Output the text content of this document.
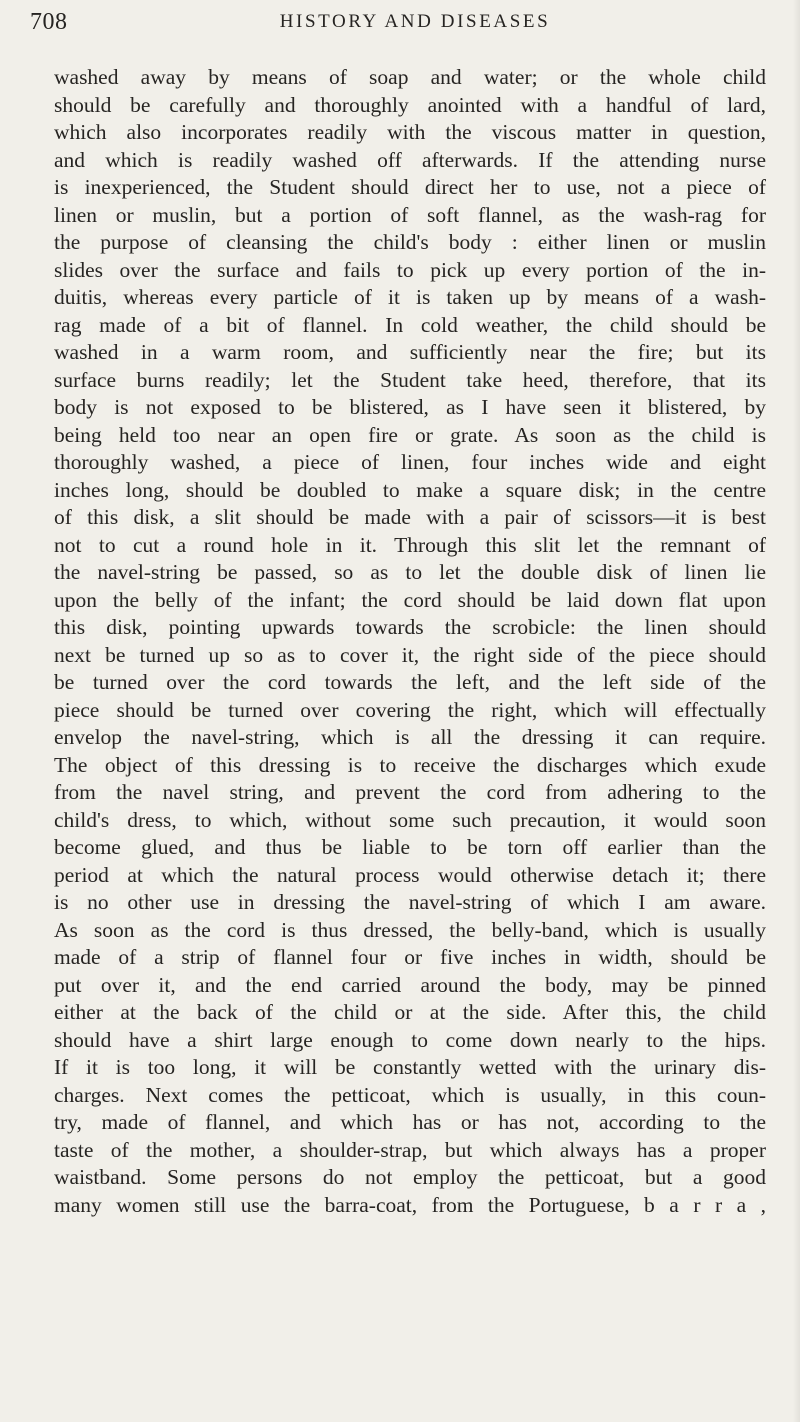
708	HISTORY AND DISEASES
washed away by means of soap and water; or the whole child
should be carefully and thoroughly anointed with a handful of lard,
which also incorporates readily with the viscous matter in question,
and which is readily washed off afterwards. If the attending nurse
is inexperienced, the Student should direct her to use, not a piece of
linen or muslin, but a portion of soft flannel, as the wash-rag for
the purpose of cleansing the child's body : either linen or muslin
slides over the surface and fails to pick up every portion of the in-
duitis, whereas every particle of it is taken up by means of a wash-
rag made of a bit of flannel. In cold weather, the child should be
washed in a warm room, and sufficiently near the fire; but its
surface burns readily; let the Student take heed, therefore, that its
body is not exposed to be blistered, as I have seen it blistered, by
being held too near an open fire or grate. As soon as the child is
thoroughly washed, a piece of linen, four inches wide and eight
inches long, should be doubled to make a square disk; in the centre
of this disk, a slit should be made with a pair of scissors—it is best
not to cut a round hole in it. Through this slit let the remnant of
the navel-string be passed, so as to let the double disk of linen lie
upon the belly of the infant; the cord should be laid down flat upon
this disk, pointing upwards towards the scrobicle: the linen should
next be turned up so as to cover it, the right side of the piece should
be turned over the cord towards the left, and the left side of the
piece should be turned over covering the right, which will effectually
envelop the navel-string, which is all the dressing it can require.
The object of this dressing is to receive the discharges which exude
from the navel string, and prevent the cord from adhering to the
child's dress, to which, without some such precaution, it would soon
become glued, and thus be liable to be torn off earlier than the
period at which the natural process would otherwise detach it; there
is no other use in dressing the navel-string of which I am aware.
As soon as the cord is thus dressed, the belly-band, which is usually
made of a strip of flannel four or five inches in width, should be
put over it, and the end carried around the body, may be pinned
either at the back of the child or at the side. After this, the child
should have a shirt large enough to come down nearly to the hips.
If it is too long, it will be constantly wetted with the urinary dis-
charges. Next comes the petticoat, which is usually, in this coun-
try, made of flannel, and which has or has not, according to the
taste of the mother, a shoulder-strap, but which always has a proper
waistband. Some persons do not employ the petticoat, but a good
many women still use the barra-coat, from the Portuguese, b a r r a ,
